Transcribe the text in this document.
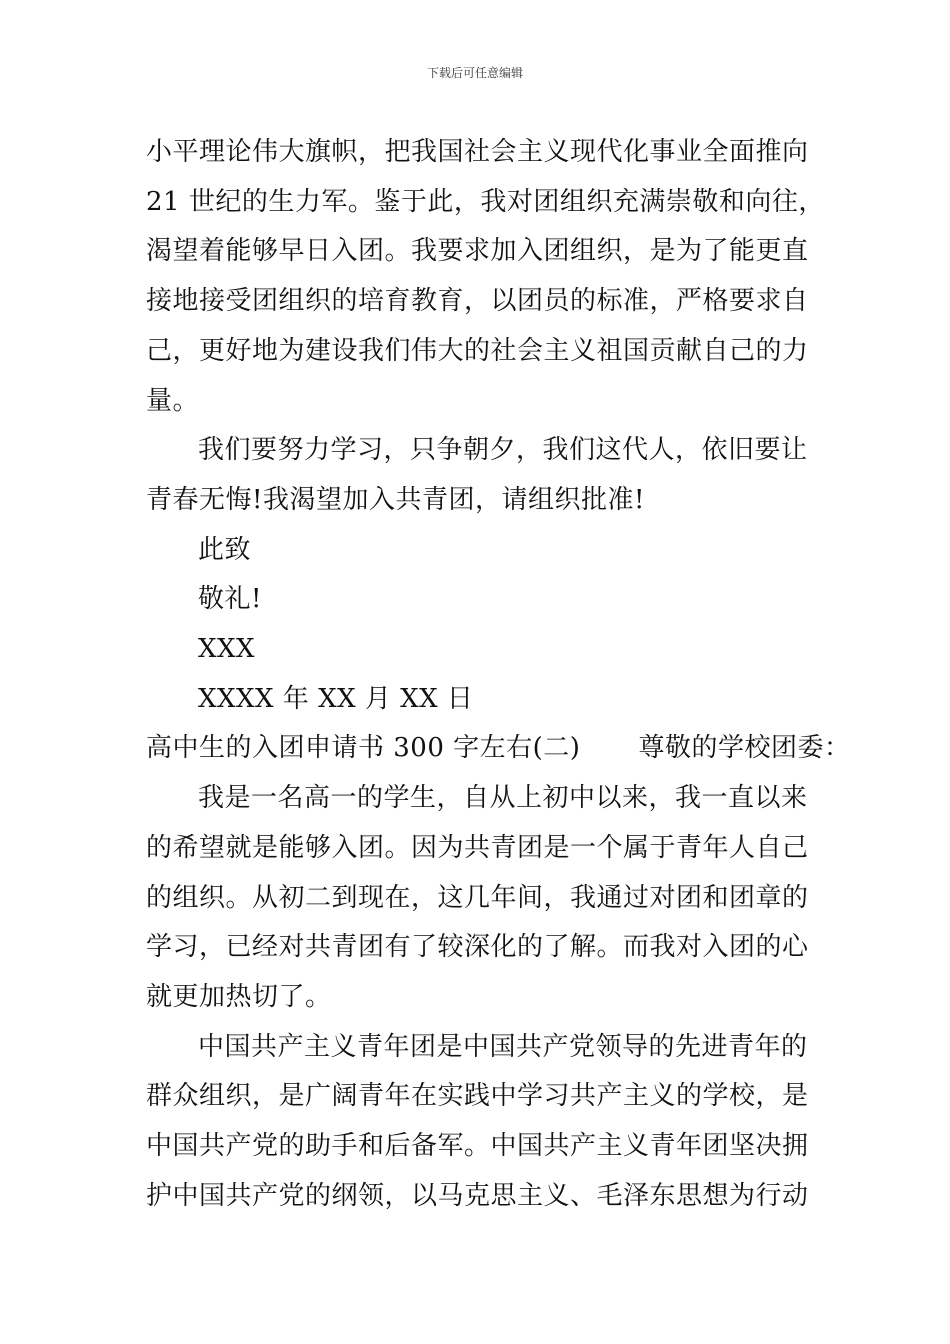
下载后可任意编辑
小平理论伟大旗帜，把我国社会主义现代化事业全面推向
21 世纪的生力军。鉴于此，我对团组织充满崇敬和向往，
渴望着能够早日入团。我要求加入团组织，是为了能更直
接地接受团组织的培育教育，以团员的标准，严格要求自
己，更好地为建设我们伟大的社会主义祖国贡献自己的力
量。
我们要努力学习，只争朝夕，我们这代人，依旧要让
青春无悔!我渴望加入共青团，请组织批准!
此致
敬礼!
XXX
XXXX 年 XX 月 XX 日
高中生的入团申请书 300 字左右(二) 尊敬的学校团委：
我是一名高一的学生，自从上初中以来，我一直以来
的希望就是能够入团。因为共青团是一个属于青年人自己
的组织。从初二到现在，这几年间，我通过对团和团章的
学习，已经对共青团有了较深化的了解。而我对入团的心
就更加热切了。
中国共产主义青年团是中国共产党领导的先进青年的
群众组织，是广阔青年在实践中学习共产主义的学校，是
中国共产党的助手和后备军。中国共产主义青年团坚决拥
护中国共产党的纲领，以马克思主义、毛泽东思想为行动
